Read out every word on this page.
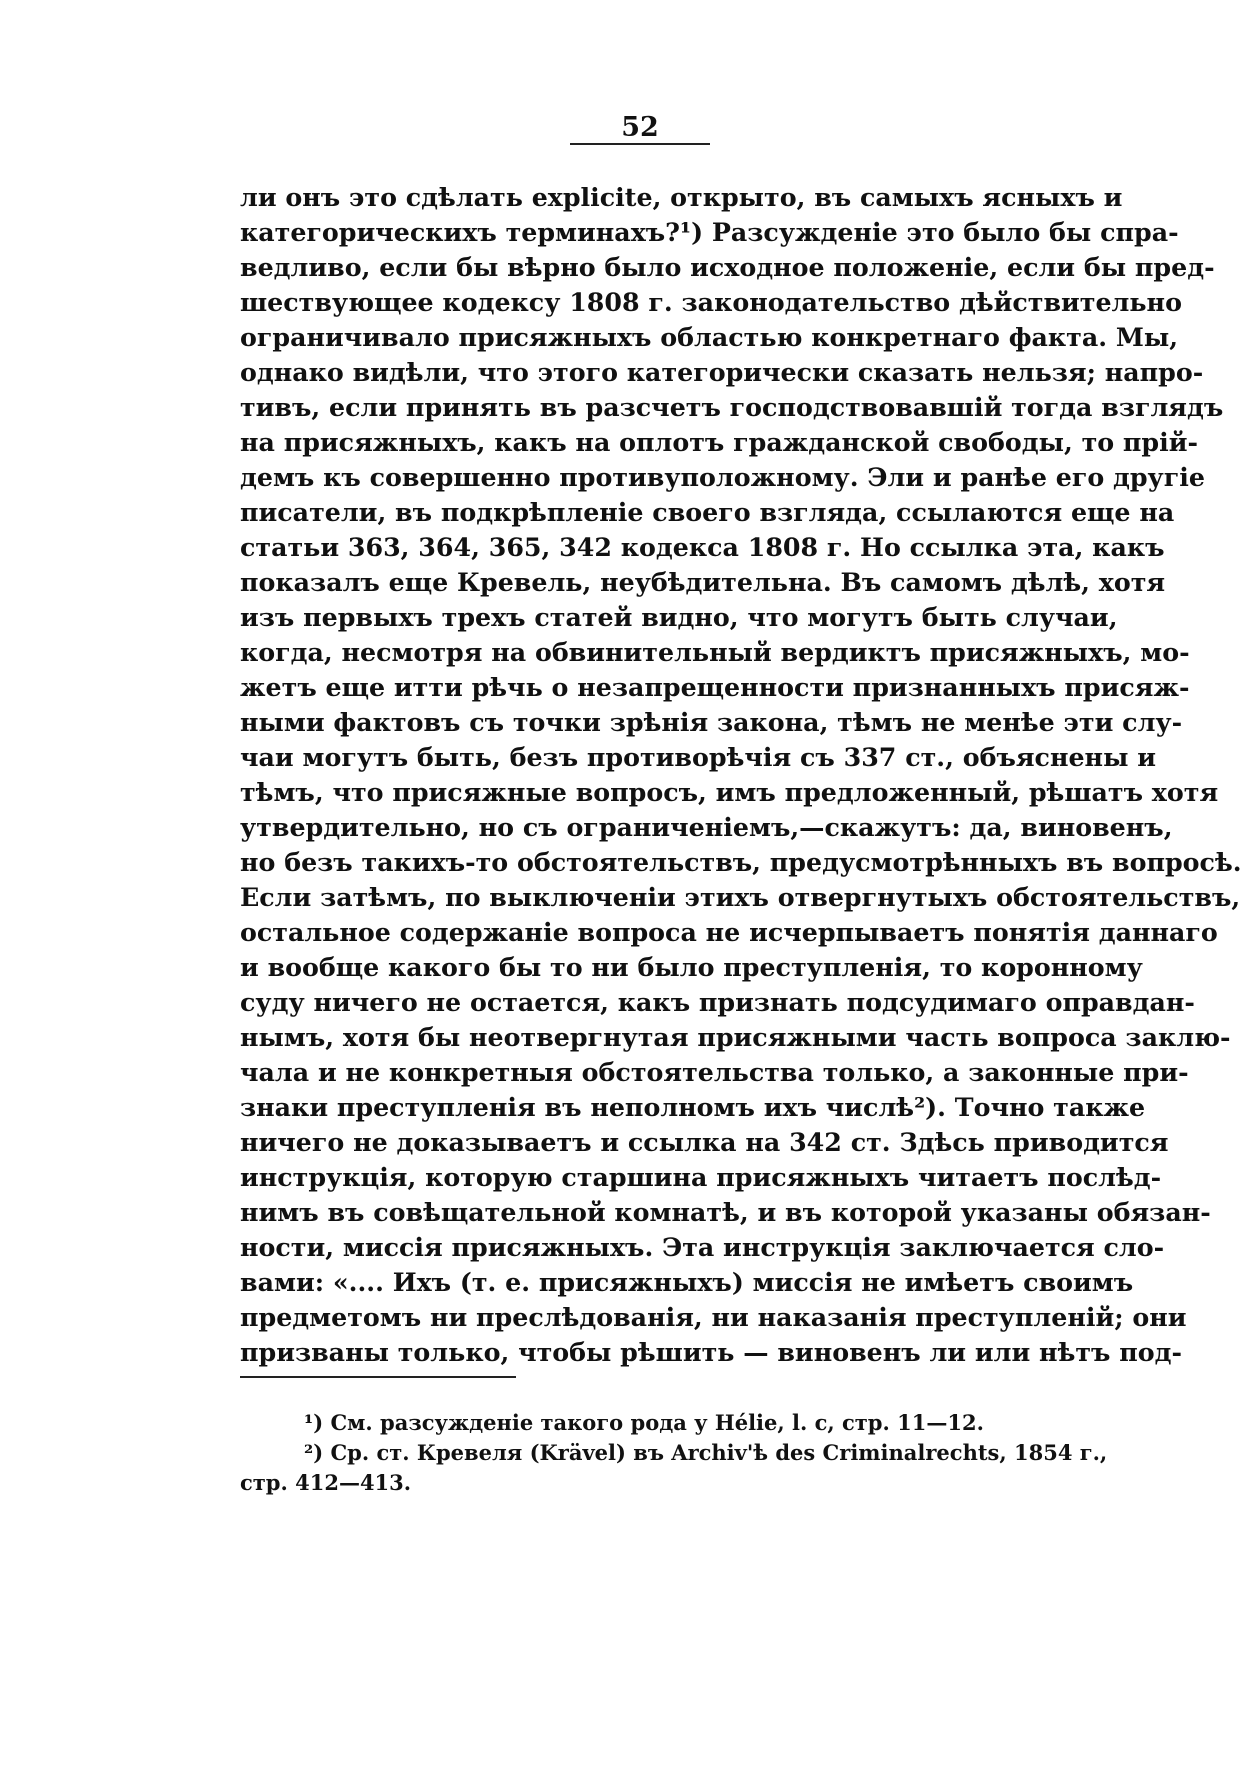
52
ли онъ это сдѣлать explicite, открыто, въ самыхъ ясныхъ и
категорическихъ терминахъ?¹) Разсужденіе это было бы спра-
ведливо, если бы вѣрно было исходное положеніе, если бы пред-
шествующее кодексу 1808 г. законодательство дѣйствительно
ограничивало присяжныхъ областью конкретнаго факта. Мы,
однако видѣли, что этого категорически сказать нельзя; напро-
тивъ, если принять въ разсчетъ господствовавшій тогда взглядъ
на присяжныхъ, какъ на оплотъ гражданской свободы, то прій-
демъ къ совершенно противуположному. Эли и ранѣе его другіе
писатели, въ подкрѣпленіе своего взгляда, ссылаются еще на
статьи 363, 364, 365, 342 кодекса 1808 г. Но ссылка эта, какъ
показалъ еще Кревель, неубѣдительна. Въ самомъ дѣлѣ, хотя
изъ первыхъ трехъ статей видно, что могутъ быть случаи,
когда, несмотря на обвинительный вердиктъ присяжныхъ, мо-
жетъ еще итти рѣчь о незапрещенности признанныхъ присяж-
ными фактовъ съ точки зрѣнія закона, тѣмъ не менѣе эти слу-
чаи могутъ быть, безъ противорѣчія съ 337 ст., объяснены и
тѣмъ, что присяжные вопросъ, имъ предложенный, рѣшатъ хотя
утвердительно, но съ ограниченіемъ,—скажутъ: да, виновенъ,
но безъ такихъ-то обстоятельствъ, предусмотрѣнныхъ въ вопросѣ.
Если затѣмъ, по выключеніи этихъ отвергнутыхъ обстоятельствъ,
остальное содержаніе вопроса не исчерпываетъ понятія даннаго
и вообще какого бы то ни было преступленія, то коронному
суду ничего не остается, какъ признать подсудимаго оправдан-
нымъ, хотя бы неотвергнутая присяжными часть вопроса заклю-
чала и не конкретныя обстоятельства только, а законные при-
знаки преступленія въ неполномъ ихъ числѣ²). Точно также
ничего не доказываетъ и ссылка на 342 ст. Здѣсь приводится
инструкція, которую старшина присяжныхъ читаетъ послѣд-
нимъ въ совѣщательной комнатѣ, и въ которой указаны обязан-
ности, миссія присяжныхъ. Эта инструкція заключается сло-
вами: «.... Ихъ (т. е. присяжныхъ) миссія не имѣетъ своимъ
предметомъ ни преслѣдованія, ни наказанія преступленій; они
призваны только, чтобы рѣшить — виновенъ ли или нѣтъ под-
¹) См. разсужденіе такого рода у Hélie, l. c, стр. 11—12.
²) Ср. ст. Кревеля (Krävel) въ Archiv'ѣ des Criminalrechts, 1854 г.,
стр. 412—413.
